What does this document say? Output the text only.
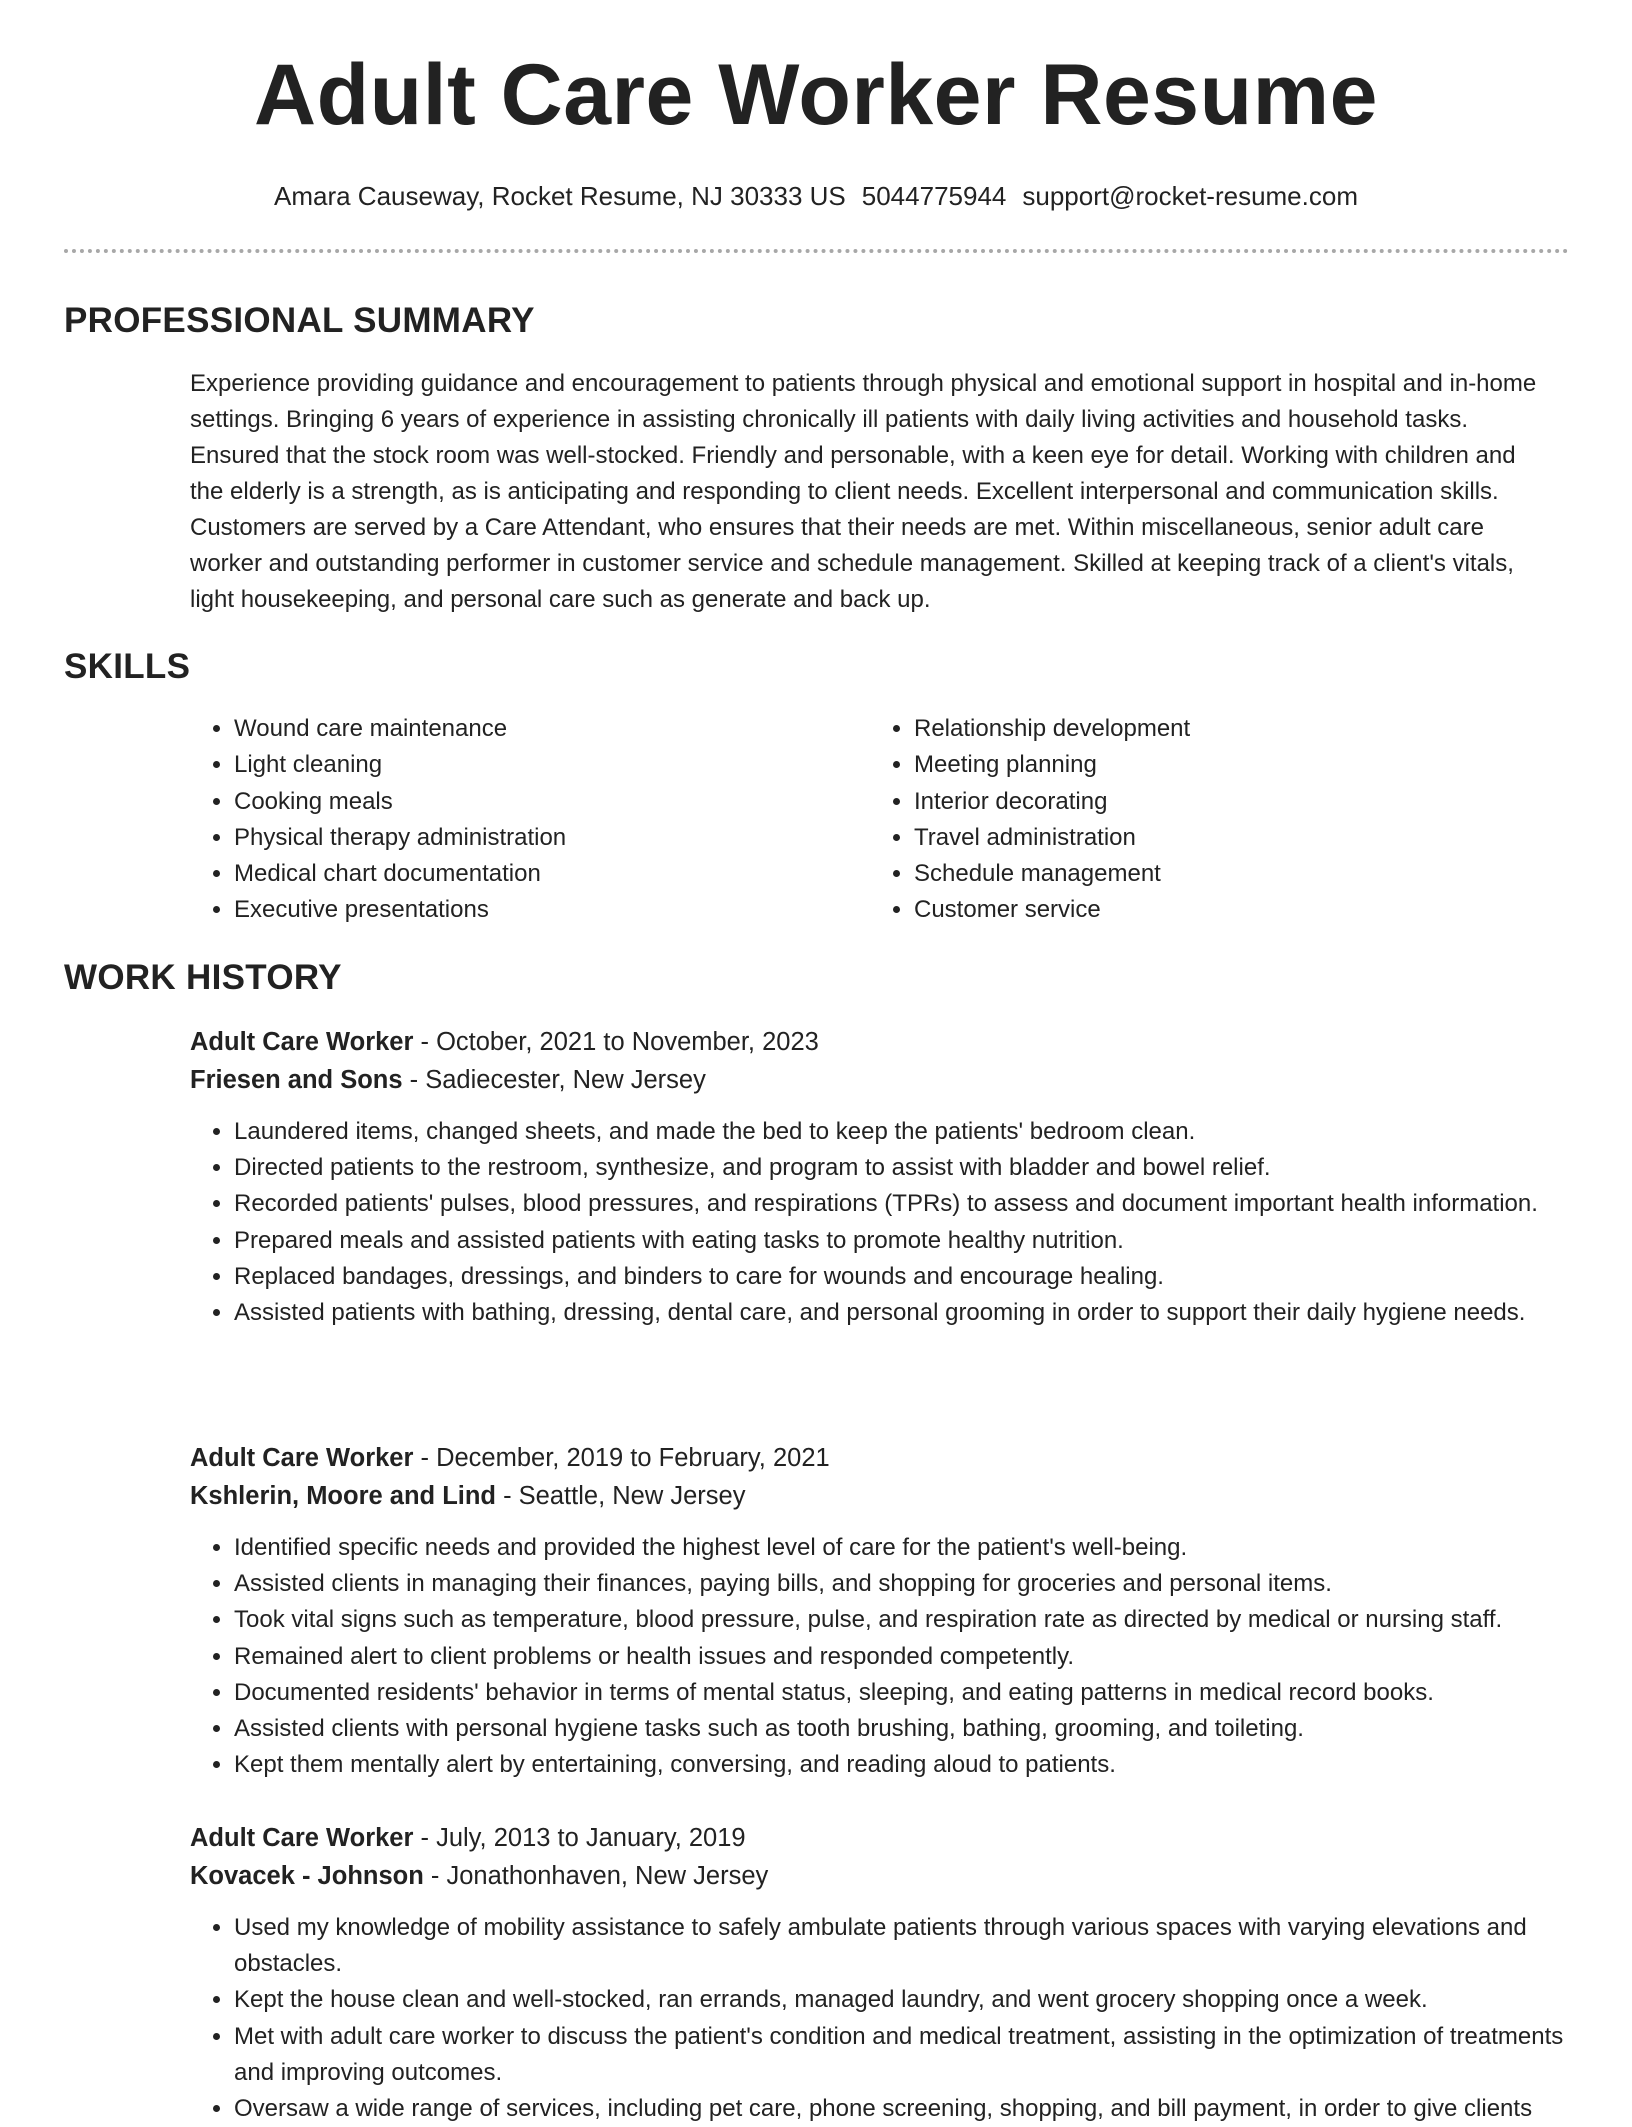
Adult Care Worker Resume
Amara Causeway, Rocket Resume, NJ 30333 US 5044775944 support@rocket-resume.com
PROFESSIONAL SUMMARY
Experience providing guidance and encouragement to patients through physical and emotional support in hospital and in-home settings. Bringing 6 years of experience in assisting chronically ill patients with daily living activities and household tasks. Ensured that the stock room was well-stocked. Friendly and personable, with a keen eye for detail. Working with children and the elderly is a strength, as is anticipating and responding to client needs. Excellent interpersonal and communication skills. Customers are served by a Care Attendant, who ensures that their needs are met. Within miscellaneous, senior adult care worker and outstanding performer in customer service and schedule management. Skilled at keeping track of a client's vitals, light housekeeping, and personal care such as generate and back up.
SKILLS
• Wound care maintenance
• Light cleaning
• Cooking meals
• Physical therapy administration
• Medical chart documentation
• Executive presentations
• Relationship development
• Meeting planning
• Interior decorating
• Travel administration
• Schedule management
• Customer service
WORK HISTORY
Adult Care Worker - October, 2021 to November, 2023
Friesen and Sons - Sadiecester, New Jersey
• Laundered items, changed sheets, and made the bed to keep the patients' bedroom clean.
• Directed patients to the restroom, synthesize, and program to assist with bladder and bowel relief.
• Recorded patients' pulses, blood pressures, and respirations (TPRs) to assess and document important health information.
• Prepared meals and assisted patients with eating tasks to promote healthy nutrition.
• Replaced bandages, dressings, and binders to care for wounds and encourage healing.
• Assisted patients with bathing, dressing, dental care, and personal grooming in order to support their daily hygiene needs.
Adult Care Worker - December, 2019 to February, 2021
Kshlerin, Moore and Lind - Seattle, New Jersey
• Identified specific needs and provided the highest level of care for the patient's well-being.
• Assisted clients in managing their finances, paying bills, and shopping for groceries and personal items.
• Took vital signs such as temperature, blood pressure, pulse, and respiration rate as directed by medical or nursing staff.
• Remained alert to client problems or health issues and responded competently.
• Documented residents' behavior in terms of mental status, sleeping, and eating patterns in medical record books.
• Assisted clients with personal hygiene tasks such as tooth brushing, bathing, grooming, and toileting.
• Kept them mentally alert by entertaining, conversing, and reading aloud to patients.
Adult Care Worker - July, 2013 to January, 2019
Kovacek - Johnson - Jonathonhaven, New Jersey
• Used my knowledge of mobility assistance to safely ambulate patients through various spaces with varying elevations and obstacles.
• Kept the house clean and well-stocked, ran errands, managed laundry, and went grocery shopping once a week.
• Met with adult care worker to discuss the patient's condition and medical treatment, assisting in the optimization of treatments and improving outcomes.
• Oversaw a wide range of services, including pet care, phone screening, shopping, and bill payment, in order to give clients
